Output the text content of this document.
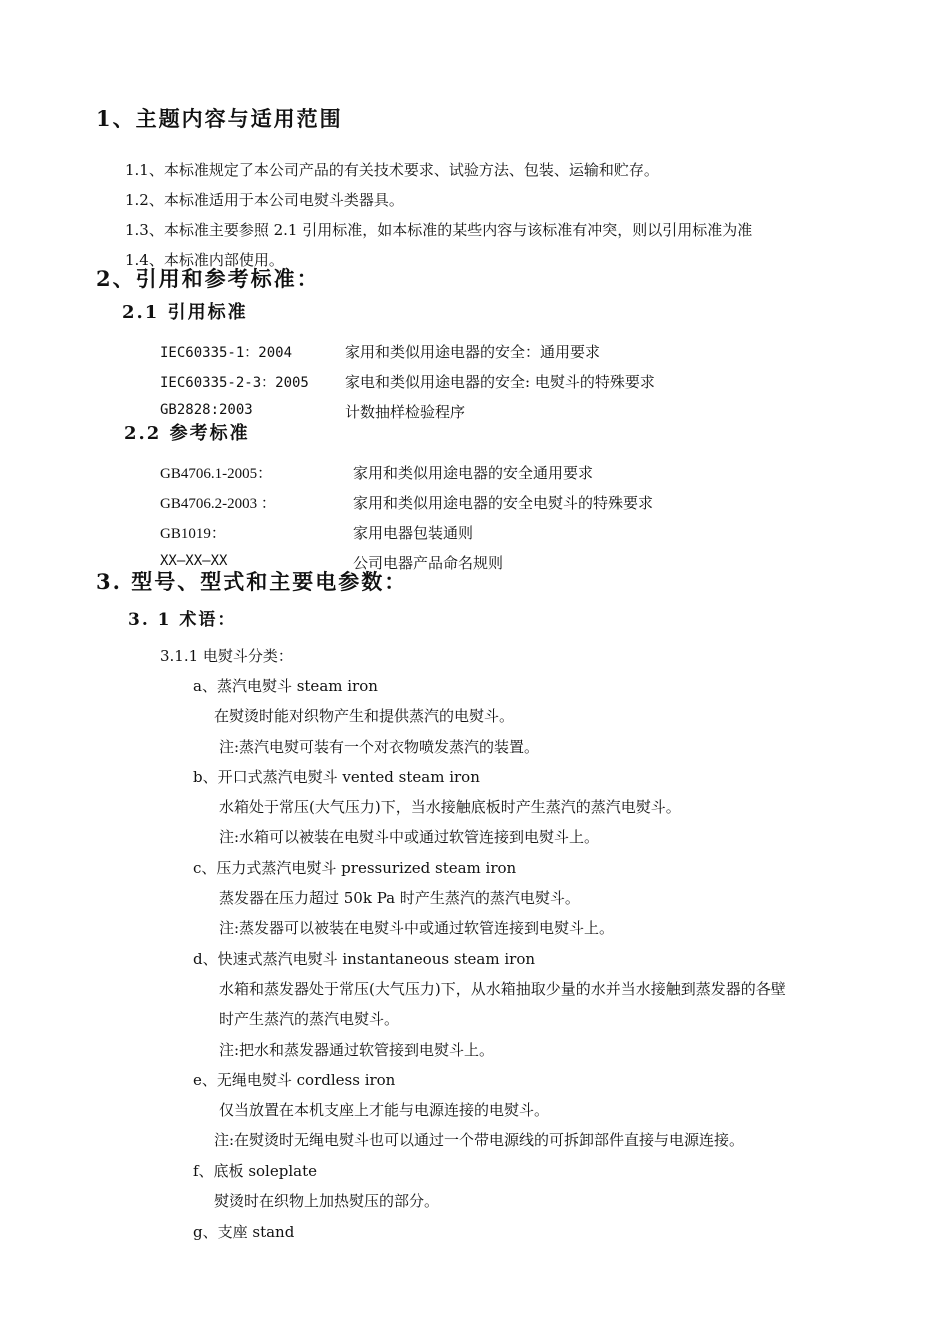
1、主题内容与适用范围
1.1、本标准规定了本公司产品的有关技术要求、试验方法、包装、运输和贮存。
1.2、本标准适用于本公司电熨斗类器具。
1.3、本标准主要参照 2.1 引用标准，如本标准的某些内容与该标准有冲突，则以引用标准为准
1.4、本标准内部使用。
2、引用和参考标准：
2.1 引用标准
IEC60335-1：2004	家用和类似用途电器的安全：通用要求
IEC60335-2-3：2005 家电和类似用途电器的安全: 电熨斗的特殊要求
GB2828:2003	计数抽样检验程序
2.2 参考标准
GB4706.1-2005：	家用和类似用途电器的安全通用要求
GB4706.2-2003 ：	家用和类似用途电器的安全电熨斗的特殊要求
GB1019：	家用电器包装通则
XX—XX—XX	公司电器产品命名规则
3. 型号、型式和主要电参数：
3. 1 术语：
3.1.1 电熨斗分类：
a、蒸汽电熨斗 steam iron
在熨烫时能对织物产生和提供蒸汽的电熨斗。
注:蒸汽电熨可装有一个对衣物喷发蒸汽的装置。
b、开口式蒸汽电熨斗 vented steam iron
水箱处于常压(大气压力)下，当水接触底板时产生蒸汽的蒸汽电熨斗。
注:水箱可以被装在电熨斗中或通过软管连接到电熨斗上。
c、压力式蒸汽电熨斗 pressurized steam iron
蒸发器在压力超过 50k Pa 时产生蒸汽的蒸汽电熨斗。
注:蒸发器可以被装在电熨斗中或通过软管连接到电熨斗上。
d、快速式蒸汽电熨斗 instantaneous steam iron
水箱和蒸发器处于常压(大气压力)下，从水箱抽取少量的水并当水接触到蒸发器的各壁
时产生蒸汽的蒸汽电熨斗。
注:把水和蒸发器通过软管接到电熨斗上。
e、无绳电熨斗 cordless iron
仅当放置在本机支座上才能与电源连接的电熨斗。
注:在熨烫时无绳电熨斗也可以通过一个带电源线的可拆卸部件直接与电源连接。
f、底板 soleplate
熨烫时在织物上加热熨压的部分。
g、支座 stand
